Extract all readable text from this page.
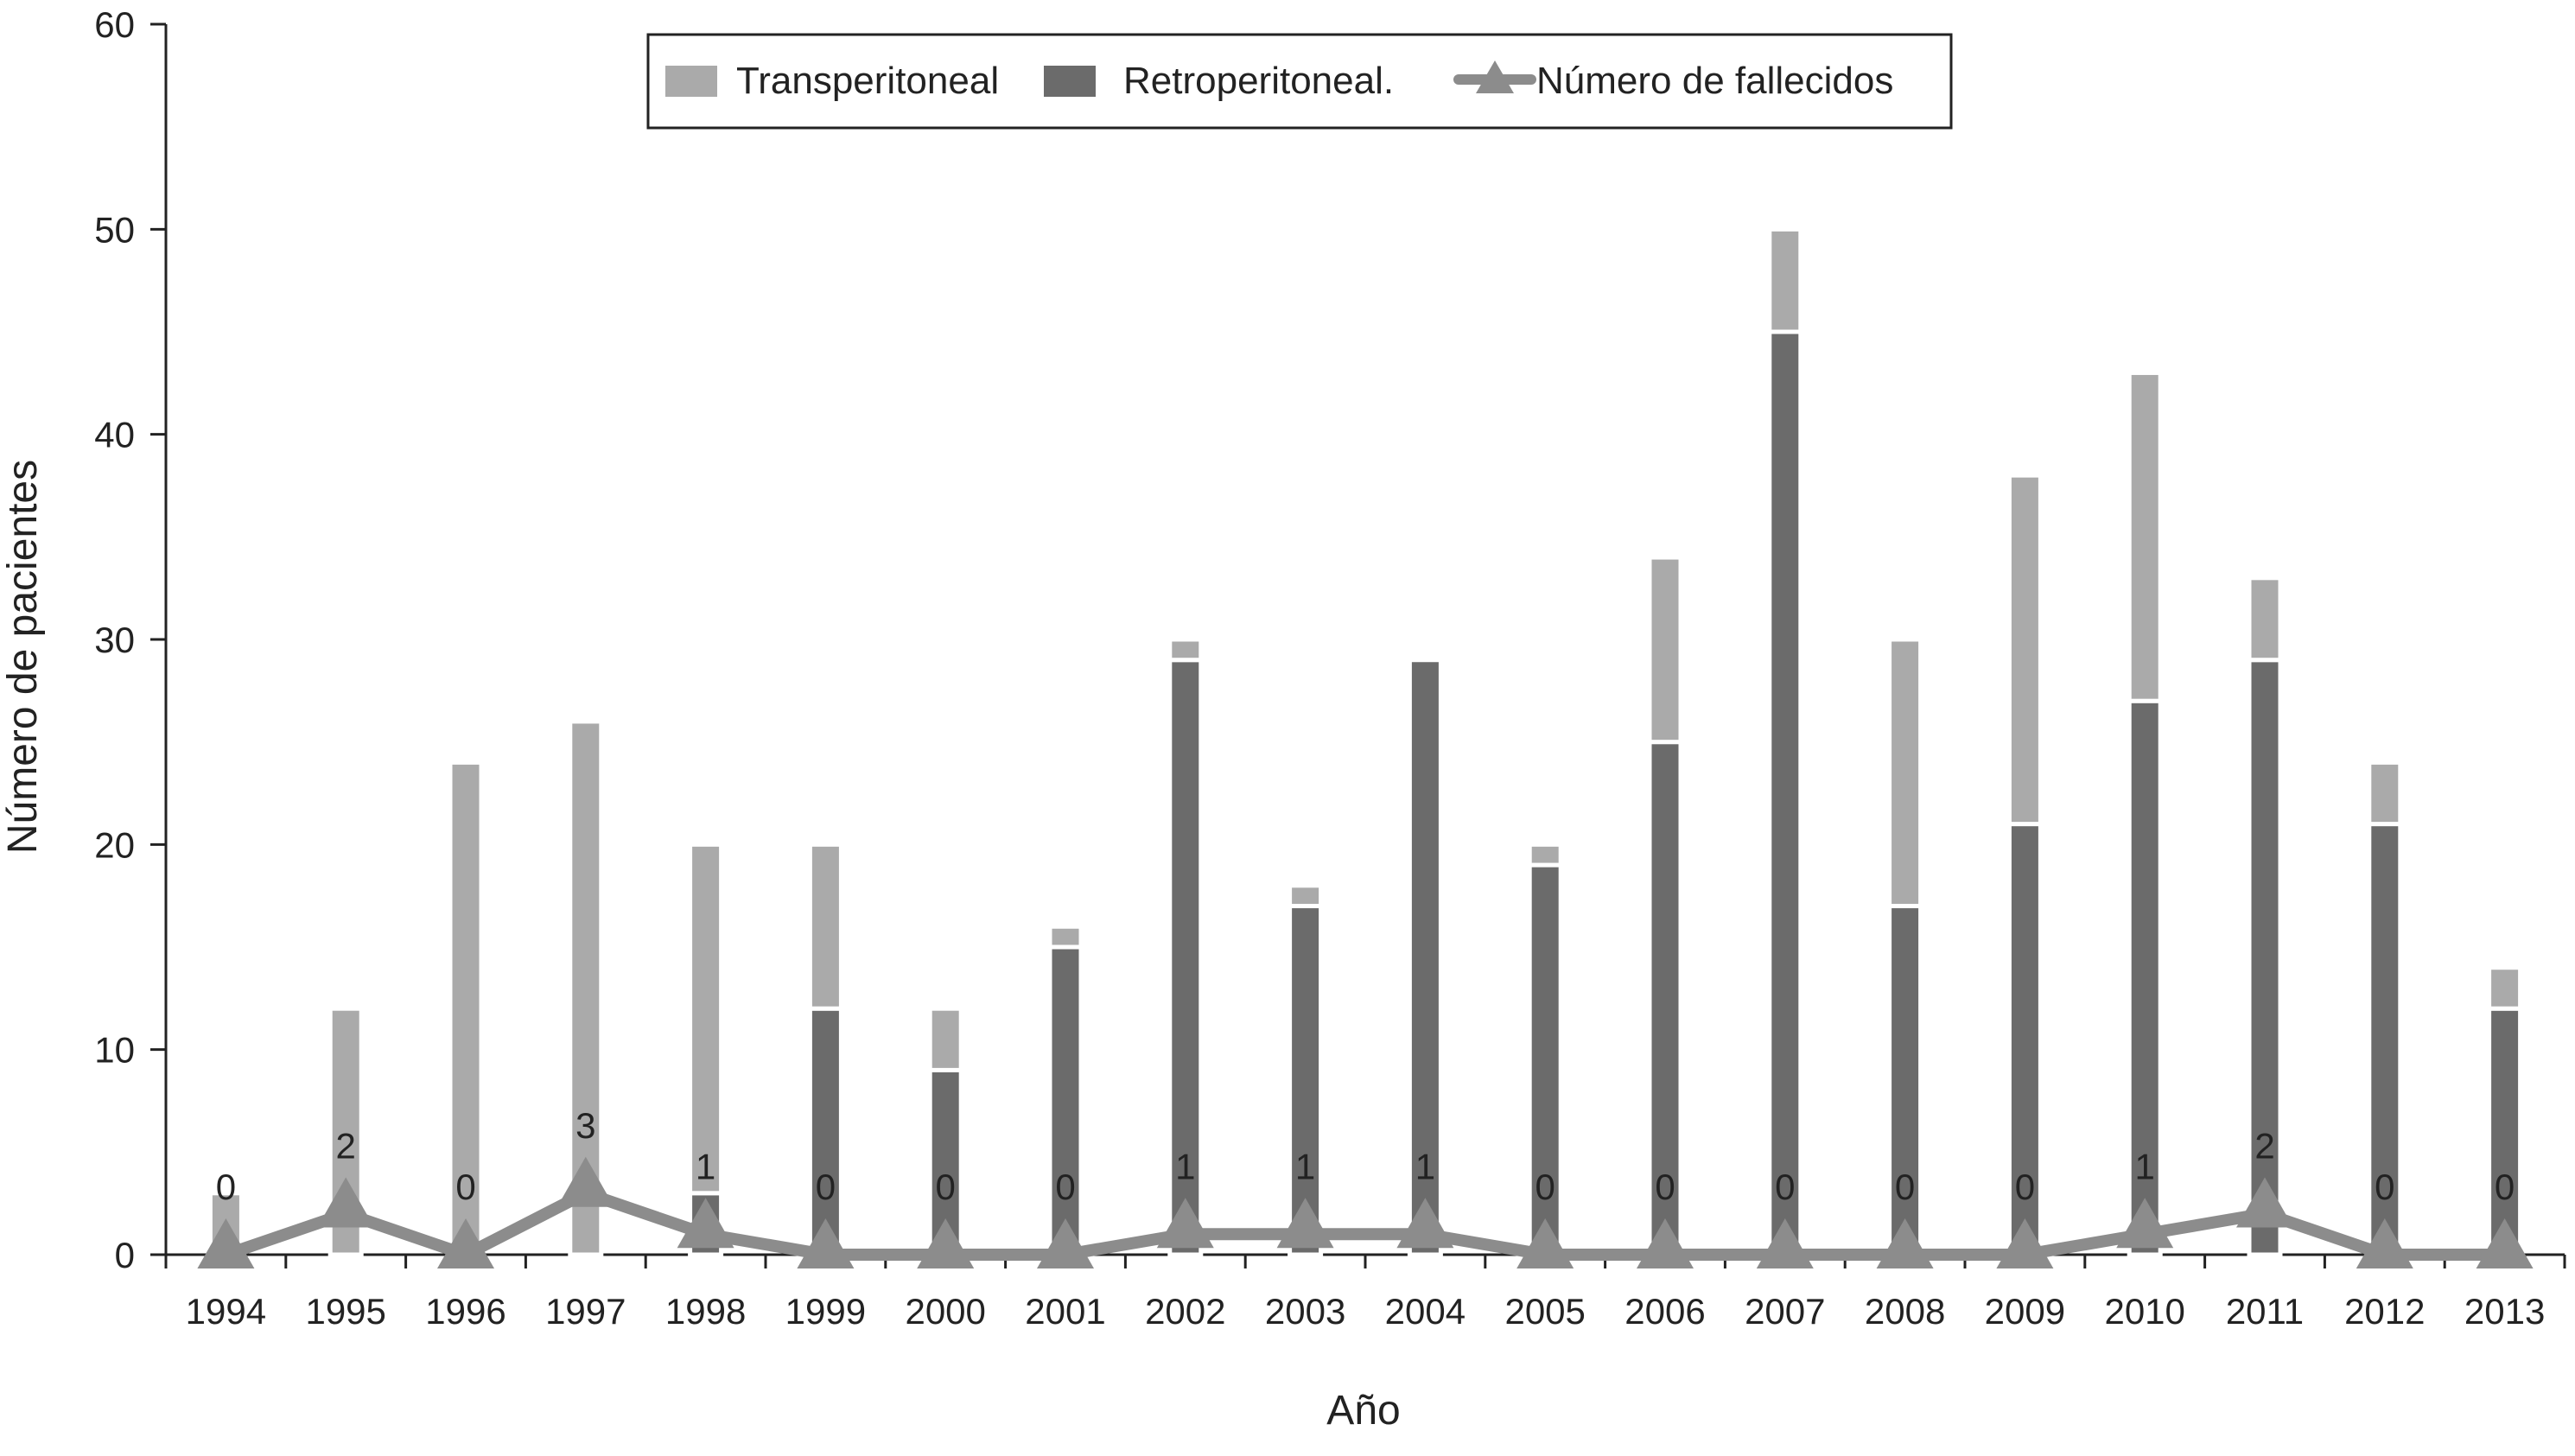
0
2
0
3
1
0	0	0
1	1	1
0	0	0	0	0
1
2
0	0
0
10
20
30
40
50
60
1994 1995 1996 1997 1998 1999 2000 2001 2002 2003 2004 2005 2006 2007 2008 2009 2010 2011 2012 2013
Número de pacientes
Año
Transperitoneal	Retroperitoneal.	Número de fallecidos
